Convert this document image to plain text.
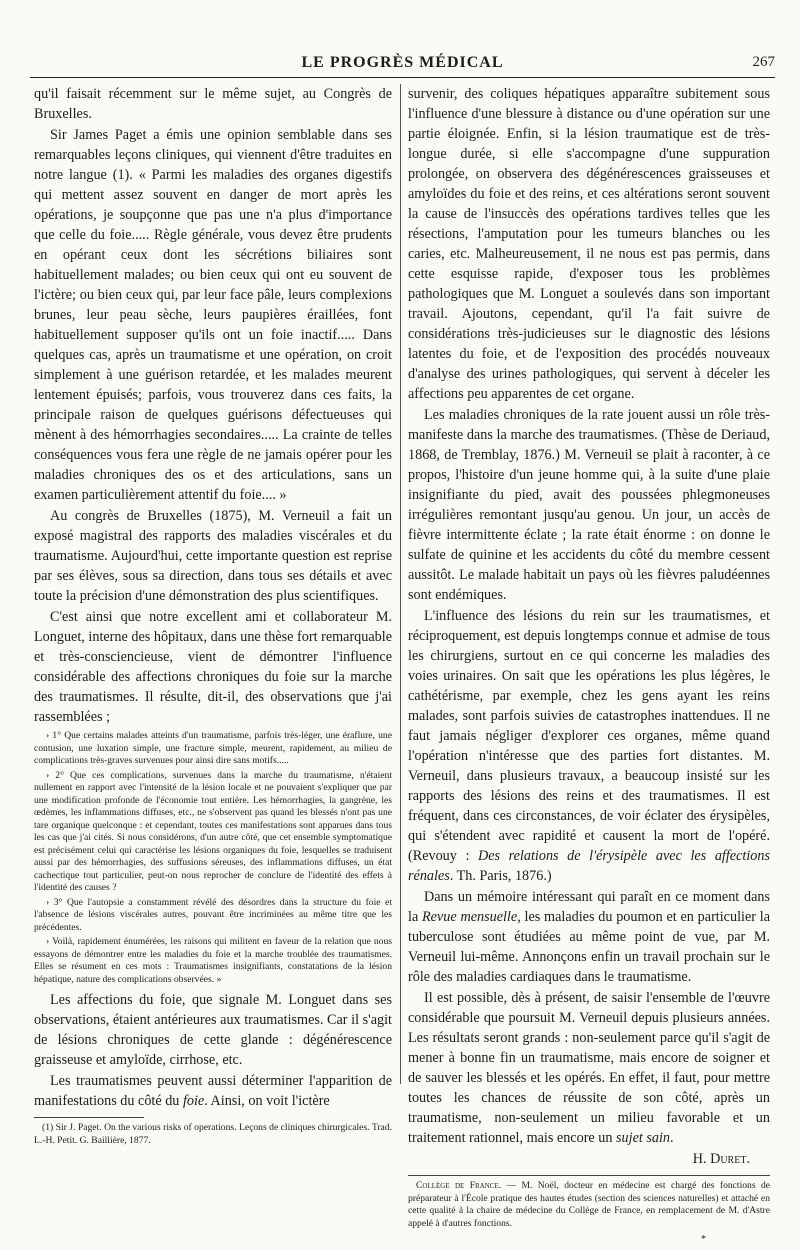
LE PROGRÈS MÉDICAL	267

qu'il faisait récemment sur le même sujet, au Congrès de Bruxelles.

Sir James Paget a émis une opinion semblable dans ses remarquables leçons cliniques, qui viennent d'être traduites en notre langue (1). « Parmi les maladies des organes digestifs qui mettent assez souvent en danger de mort après les opérations, je soupçonne que pas une n'a plus d'importance que celle du foie..... Règle générale, vous devez être prudents en opérant ceux dont les sécrétions biliaires sont habituellement malades; ou bien ceux qui ont eu souvent de l'ictère; ou bien ceux qui, par leur face pâle, leurs complexions brunes, leur peau sèche, leurs paupières éraillées, font habituellement supposer qu'ils ont un foie inactif..... Dans quelques cas, après un traumatisme et une opération, on croit simplement à une guérison retardée, et les malades meurent lentement épuisés; parfois, vous trouverez dans ces faits, la principale raison de quelques guérisons défectueuses qui mènent à des hémorrhagies secondaires..... La crainte de telles conséquences vous fera une règle de ne jamais opérer pour les maladies chroniques des os et des articulations, sans un examen particulièrement attentif du foie.... »

Au congrès de Bruxelles (1875), M. Verneuil a fait un exposé magistral des rapports des maladies viscérales et du traumatisme. Aujourd'hui, cette importante question est reprise par ses élèves, sous sa direction, dans tous ses détails et avec toute la précision d'une démonstration des plus scientifiques.

C'est ainsi que notre excellent ami et collaborateur M. Longuet, interne des hôpitaux, dans une thèse fort remarquable et très-consciencieuse, vient de démontrer l'influence considérable des affections chroniques du foie sur la marche des traumatismes. Il résulte, dit-il, des observations que j'ai rassemblées ;

› 1° Que certains malades atteints d'un traumatisme, parfois très-léger, une éraflure, une contusion, une luxation simple, une fracture simple, meurent, rapidement, au milieu de complications très-graves survenues pour ainsi dire sans motifs.....

› 2° Que ces complications, survenues dans la marche du traumatisme, n'étaient nullement en rapport avec l'intensité de la lésion locale et ne pouvaient s'expliquer que par une modification profonde de l'économie tout entière. Les hémorrhagies, la gangrène, les œdèmes, les inflammations diffuses, etc., ne s'observent pas quand les blessés n'ont pas une tare organique quelconque : et cependant, toutes ces manifestations sont apparues dans tous les cas que j'ai cités. Si nous considérons, d'un autre côté, que cet ensemble symptomatique est précisément celui qui caractérise les lésions organiques du foie, lesquelles se traduisent aussi par des hémorrhagies, des suffusions séreuses, des inflammations diffuses, un état cachectique tout particulier, peut-on nous reprocher de conclure de l'identité des effets à l'identité des causes ?

› 3° Que l'autopsie a constamment révélé des désordres dans la structure du foie et l'absence de lésions viscérales autres, pouvant être incriminées au même titre que les précédentes.

› Voilà, rapidement énumérées, les raisons qui militent en faveur de la relation que nous essayons de démontrer entre les maladies du foie et la marche troublée des traumatismes. Elles se résument en ces mots : Traumatismes insignifiants, constatations de la lésion hépatique, nature des complications observées. »

Les affections du foie, que signale M. Longuet dans ses observations, étaient antérieures aux traumatismes. Car il s'agit de lésions chroniques de cette glande : dégénérescence graisseuse et amyloïde, cirrhose, etc.

Les traumatismes peuvent aussi déterminer l'apparition de manifestations du côté du foie. Ainsi, on voit l'ictère

(1) Sir J. Paget. On the various risks of operations. Leçons de cliniques chirurgicales. Trad. L.-H. Petit. G. Baillière, 1877.

survenir, des coliques hépatiques apparaître subitement sous l'influence d'une blessure à distance ou d'une opération sur une partie éloignée. Enfin, si la lésion traumatique est de très-longue durée, si elle s'accompagne d'une suppuration prolongée, on observera des dégénérescences graisseuses et amyloïdes du foie et des reins, et ces altérations seront souvent la cause de l'insuccès des opérations tardives telles que les résections, l'amputation pour les tumeurs blanches ou les caries, etc. Malheureusement, il ne nous est pas permis, dans cette esquisse rapide, d'exposer tous les problèmes pathologiques que M. Longuet a soulevés dans son important travail. Ajoutons, cependant, qu'il l'a fait suivre de considérations très-judicieuses sur le diagnostic des lésions latentes du foie, et de l'exposition des procédés nouveaux d'analyse des urines pathologiques, qui servent à déceler les affections peu apparentes de cet organe.

Les maladies chroniques de la rate jouent aussi un rôle très-manifeste dans la marche des traumatismes. (Thèse de Deriaud, 1868, de Tremblay, 1876.) M. Verneuil se plait à raconter, à ce propos, l'histoire d'un jeune homme qui, à la suite d'une plaie insignifiante du pied, avait des poussées phlegmoneuses irrégulières remontant jusqu'au genou. Un jour, un accès de fièvre intermittente éclate ; la rate était énorme : on donne le sulfate de quinine et les accidents du côté du membre cessent aussitôt. Le malade habitait un pays où les fièvres paludéennes sont endémiques.

L'influence des lésions du rein sur les traumatismes, et réciproquement, est depuis longtemps connue et admise de tous les chirurgiens, surtout en ce qui concerne les maladies des voies urinaires. On sait que les opérations les plus légères, le cathétérisme, par exemple, chez les gens ayant les reins malades, sont parfois suivies de catastrophes inattendues. Il ne faut jamais négliger d'explorer ces organes, même quand l'opération n'intéresse que des parties fort distantes. M. Verneuil, dans plusieurs travaux, a beaucoup insisté sur les rapports des lésions des reins et des traumatismes. Il est fréquent, dans ces circonstances, de voir éclater des érysipèles, qui s'étendent avec rapidité et causent la mort de l'opéré. (Revouy : Des relations de l'érysipèle avec les affections rénales. Th. Paris, 1876.)

Dans un mémoire intéressant qui paraît en ce moment dans la Revue mensuelle, les maladies du poumon et en particulier la tuberculose sont étudiées au même point de vue, par M. Verneuil lui-même. Annonçons enfin un travail prochain sur le rôle des maladies cardiaques dans le traumatisme.

Il est possible, dès à présent, de saisir l'ensemble de l'œuvre considérable que poursuit M. Verneuil depuis plusieurs années. Les résultats seront grands : non-seulement parce qu'il s'agit de mener à bonne fin un traumatisme, mais encore de soigner et de sauver les blessés et les opérés. En effet, il faut, pour mettre toutes les chances de réussite de son côté, après un traumatisme, non-seulement un milieu favorable et un traitement rationnel, mais encore un sujet sain.

H. Duret.
Collège de France. — M. Noël, docteur en médecine est chargé des fonctions de préparateur à l'École pratique des hautes études (section des sciences naturelles) et attaché en cette qualité à la chaire de médecine du Collège de France, en remplacement de M. d'Astre appelé à d'autres fonctions.
*
